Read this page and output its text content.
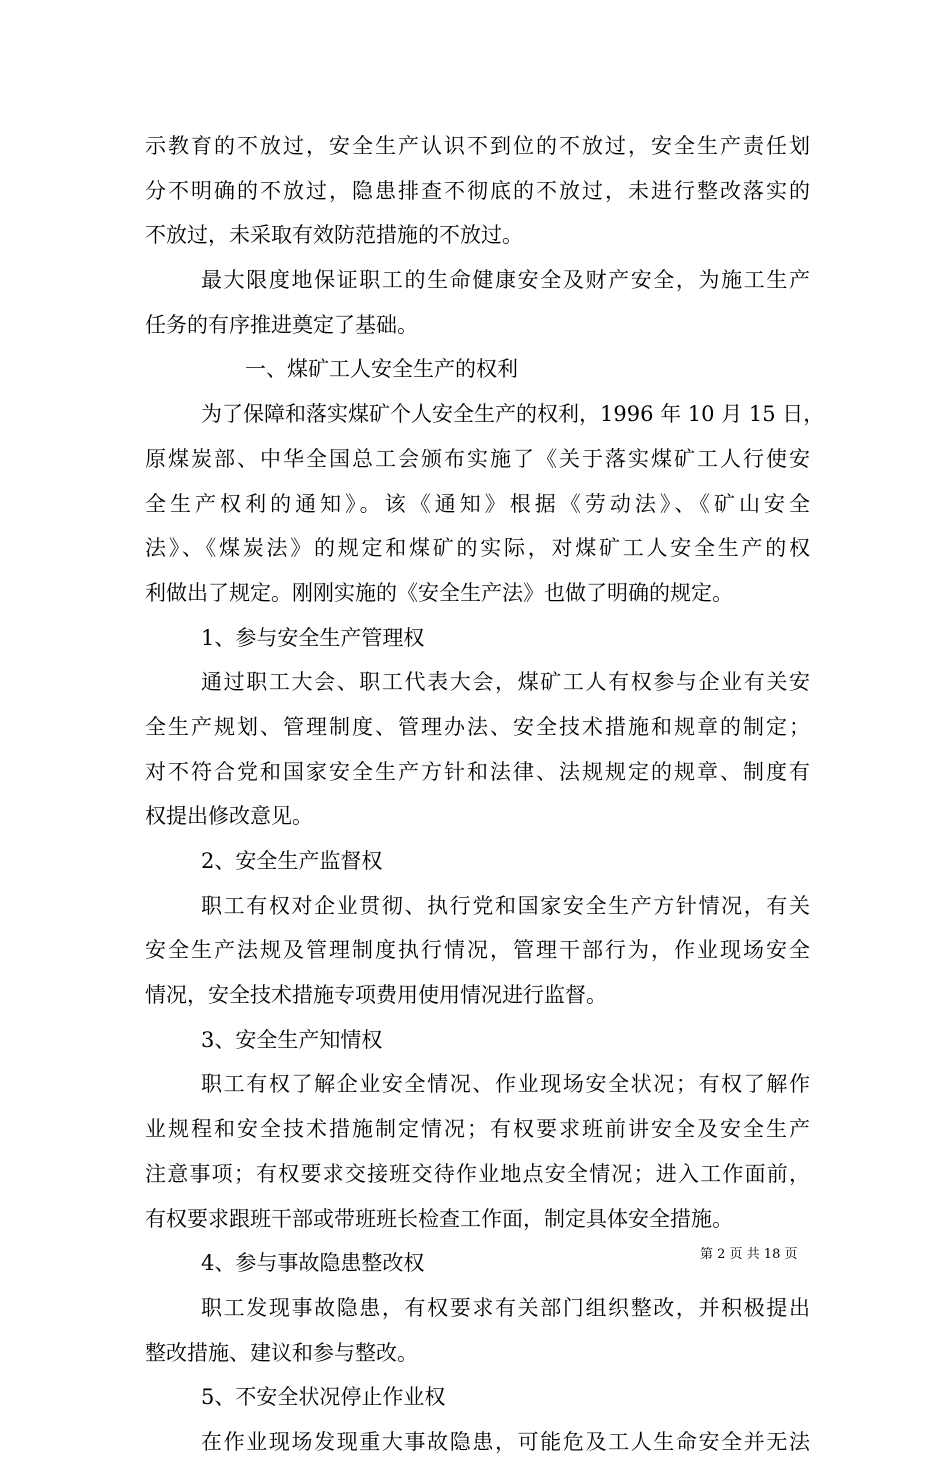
示教育的不放过，安全生产认识不到位的不放过，安全生产责任划
分不明确的不放过，隐患排查不彻底的不放过，未进行整改落实的
不放过，未采取有效防范措施的不放过。
最大限度地保证职工的生命健康安全及财产安全，为施工生产
任务的有序推进奠定了基础。
一、煤矿工人安全生产的权利
为了保障和落实煤矿个人安全生产的权利，1996 年 10 月 15 日，
原煤炭部、中华全国总工会颁布实施了《关于落实煤矿工人行使安
全生产权利的通知》。该《通知》根据《劳动法》、《矿山安全
法》、《煤炭法》的规定和煤矿的实际，对煤矿工人安全生产的权
利做出了规定。刚刚实施的《安全生产法》也做了明确的规定。
1、参与安全生产管理权
通过职工大会、职工代表大会，煤矿工人有权参与企业有关安
全生产规划、管理制度、管理办法、安全技术措施和规章的制定；
对不符合党和国家安全生产方针和法律、法规规定的规章、制度有
权提出修改意见。
2、安全生产监督权
职工有权对企业贯彻、执行党和国家安全生产方针情况，有关
安全生产法规及管理制度执行情况，管理干部行为，作业现场安全
情况，安全技术措施专项费用使用情况进行监督。
3、安全生产知情权
职工有权了解企业安全情况、作业现场安全状况；有权了解作
业规程和安全技术措施制定情况；有权要求班前讲安全及安全生产
注意事项；有权要求交接班交待作业地点安全情况；进入工作面前，
有权要求跟班干部或带班班长检查工作面，制定具体安全措施。
4、参与事故隐患整改权
职工发现事故隐患，有权要求有关部门组织整改，并积极提出
整改措施、建议和参与整改。
5、不安全状况停止作业权
在作业现场发现重大事故隐患，可能危及工人生命安全并无法
第 2 页 共 18 页
